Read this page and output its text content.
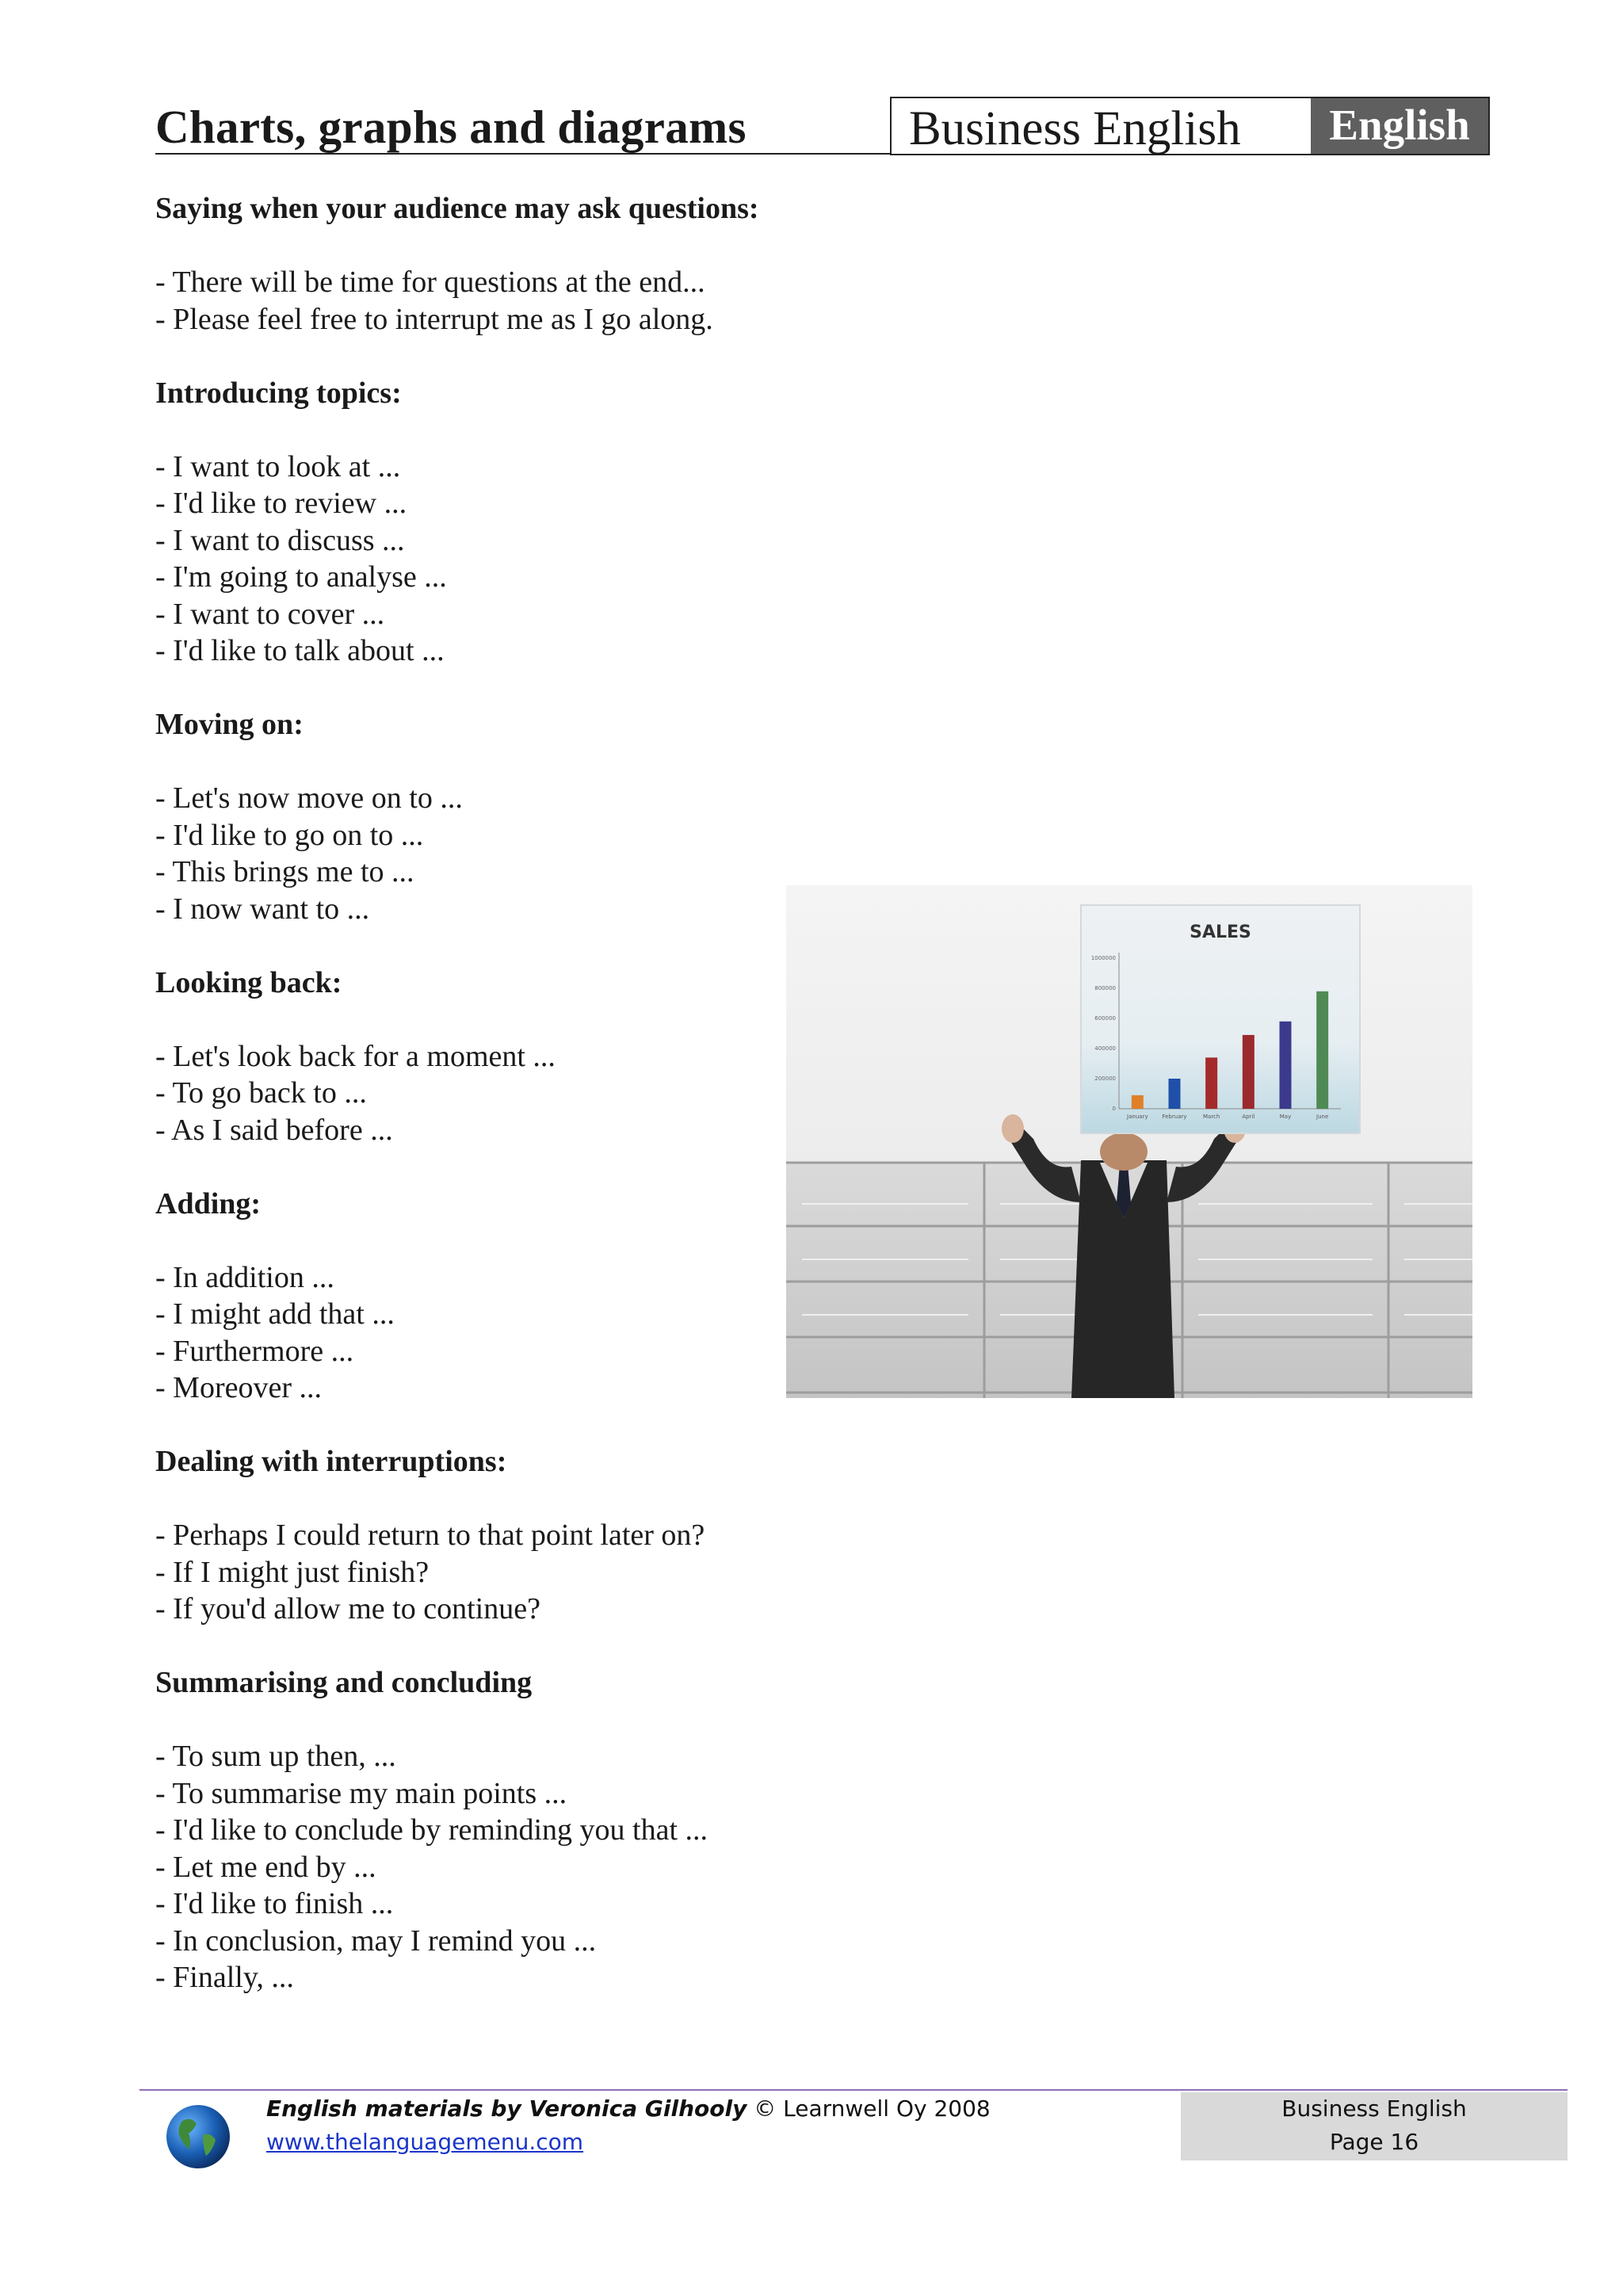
Charts, graphs and diagrams	Business English	English
Saying when your audience may ask questions:
- There will be time for questions at the end...
- Please feel free to interrupt me as I go along.
Introducing topics:
- I want to look at ...
- I'd like to review ...
- I want to discuss ...
- I'm going to analyse ...
- I want to cover ...
- I'd like to talk about ...
Moving on:
- Let's now move on to ...
- I'd like to go on to ...
- This brings me to ...
- I now want to ...
Looking back:
- Let's look back for a moment ...
- To go back to ...
- As I said before ...
Adding:
- In addition ...
- I might add that ...
- Furthermore ...
- Moreover ...
Dealing with interruptions:
- Perhaps I could return to that point later on?
- If I might just finish?
- If you'd allow me to continue?
Summarising and concluding
- To sum up then, ...
- To summarise my main points ...
- I'd like to conclude by reminding you that ...
- Let me end by ...
- I'd like to finish ...
- In conclusion, may I remind you ...
- Finally, ...
SALES
1000000
800000
600000
400000
200000
0
January	February	March	April	May	June
English materials by Veronica Gilhooly © Learnwell Oy 2008
www.thelanguagemenu.com
Business English
Page 16
